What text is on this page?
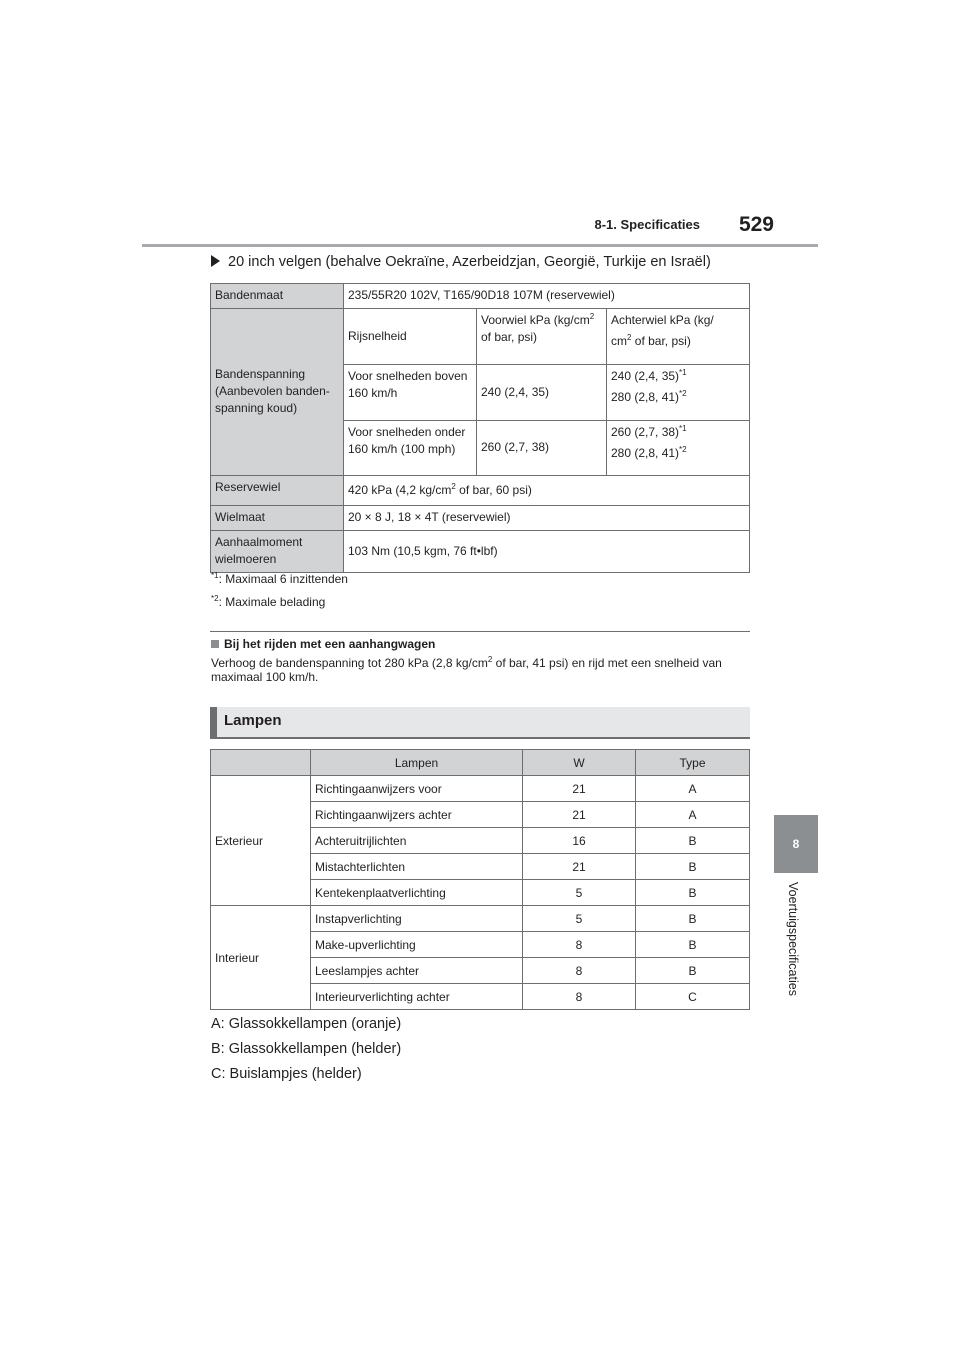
8-1. Specificaties	529
8
Voertuigspecificaties
20 inch velgen (behalve Oekraïne, Azerbeidzjan, Georgië, Turkije en Israël)
Bandenmaat	235/55R20 102V, T165/90D18 107M (reservewiel)		
Bandenspanning
(Aanbevolen banden-
spanning koud)	Rijsnelheid	Voorwiel kPa ($kg/cm^2$
of bar, psi)	Achterwiel kPa (kg/
$cm^2$ of bar, psi)

	Voor snelheden boven
160 km/h	240 (2,4, 35)	240 (2,4, 35)$^{*1}$
280 (2,8, 41)$^{*2}$

	Voor snelheden onder
160 km/h (100 mph)	260 (2,7, 38)	260 (2,7, 38)$^{*1}$
280 (2,8, 41)$^{*2}$

Reservewiel	420 kPa (4,2 $kg/cm^2$ of bar, 60 psi)		
Wielmaat	20 × 8 J, 18 × 4T (reservewiel)		
Aanhaalmoment
wielmoeren	103 Nm (10,5 kgm, 76 ft•lbf)		
$^{*1}$: Maximaal 6 inzittenden
$^{*2}$: Maximale belading
Bij het rijden met een aanhangwagen
Verhoog de bandenspanning tot 280 kPa (2,8 $kg/cm^2$ of bar, 41 psi) en rijd met een snelheid van maximaal 100 km/h.
Lampen
	Lampen	W	Type
Exterieur	Richtingaanwijzers voor	21	A
	Richtingaanwijzers achter	21	A
	Achteruitrijlichten	16	B
	Mistachterlichten	21	B
	Kentekenplaatverlichting	5	B
Interieur	Instapverlichting	5	B
	Make-upverlichting	8	B
	Leeslampjes achter	8	B
	Interieurverlichting achter	8	C
A: Glassokkellampen (oranje)
B: Glassokkellampen (helder)
C: Buislampjes (helder)
